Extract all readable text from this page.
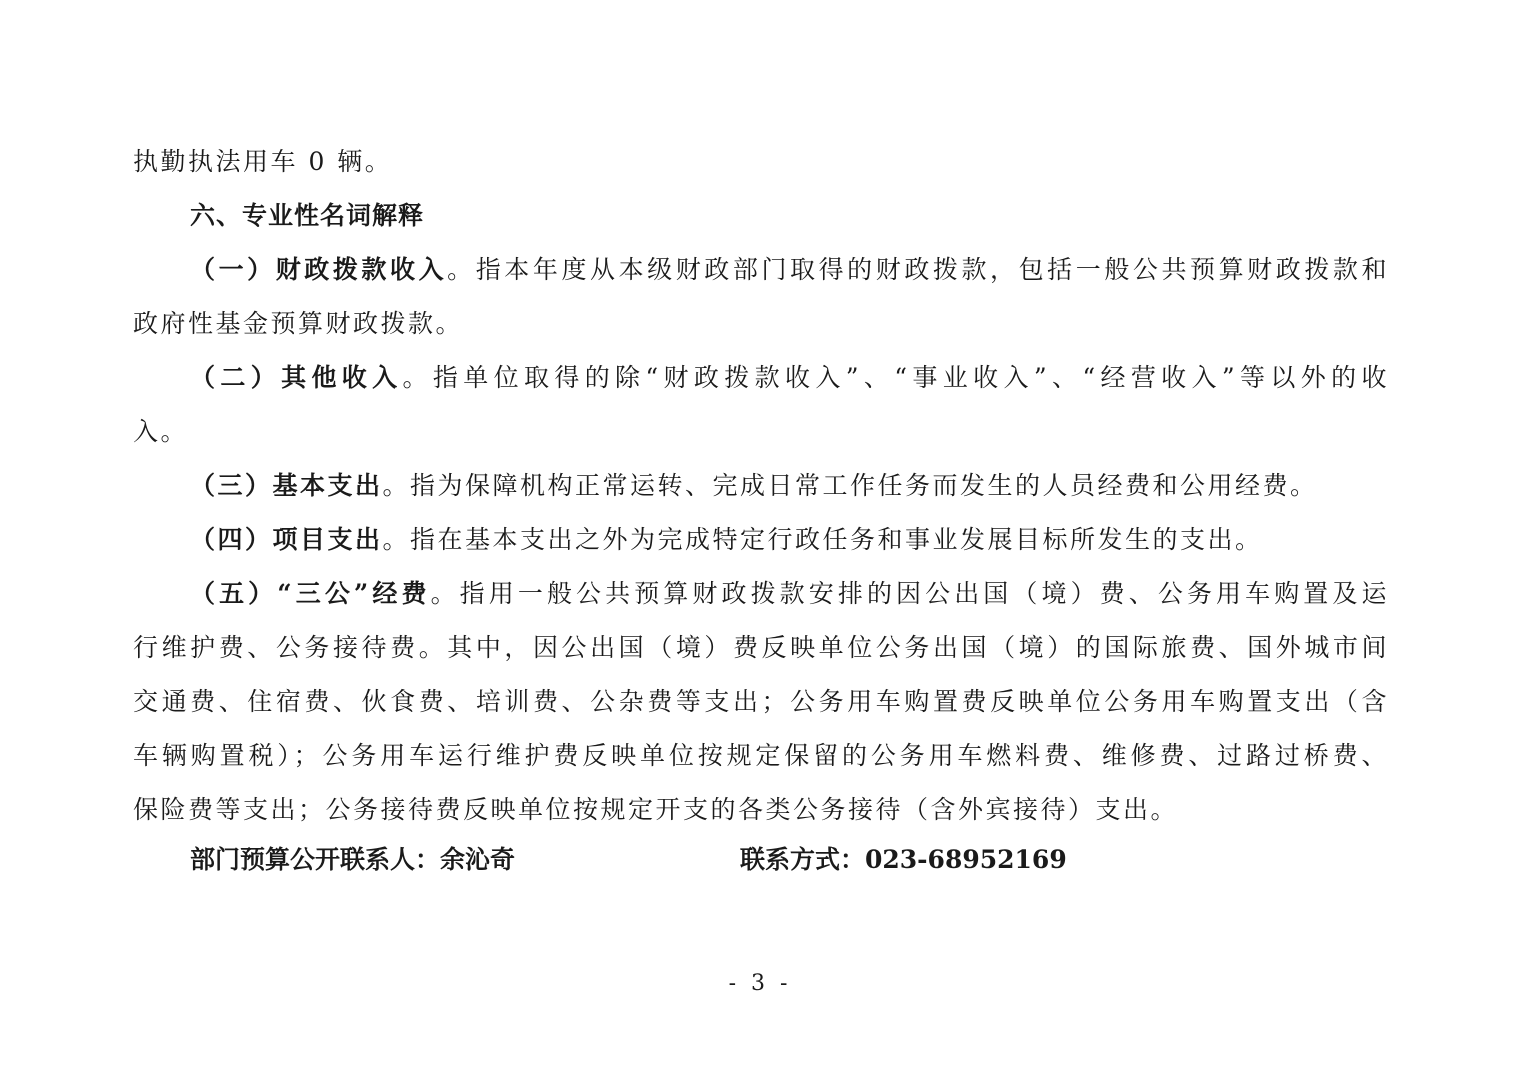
执勤执法用车 0 辆。
六、专业性名词解释
（一）财政拨款收入。指本年度从本级财政部门取得的财政拨款，包括一般公共预算财政拨款和
政府性基金预算财政拨款。
（二）其他收入。指单位取得的除“财政拨款收入”、“事业收入”、“经营收入”等以外的收
入。
（三）基本支出。指为保障机构正常运转、完成日常工作任务而发生的人员经费和公用经费。
（四）项目支出。指在基本支出之外为完成特定行政任务和事业发展目标所发生的支出。
（五）“三公”经费。指用一般公共预算财政拨款安排的因公出国（境）费、公务用车购置及运
行维护费、公务接待费。其中，因公出国（境）费反映单位公务出国（境）的国际旅费、国外城市间
交通费、住宿费、伙食费、培训费、公杂费等支出；公务用车购置费反映单位公务用车购置支出（含
车辆购置税）；公务用车运行维护费反映单位按规定保留的公务用车燃料费、维修费、过路过桥费、
保险费等支出；公务接待费反映单位按规定开支的各类公务接待（含外宾接待）支出。
部门预算公开联系人：余沁奇	联系方式：023-68952169
- 3 -
